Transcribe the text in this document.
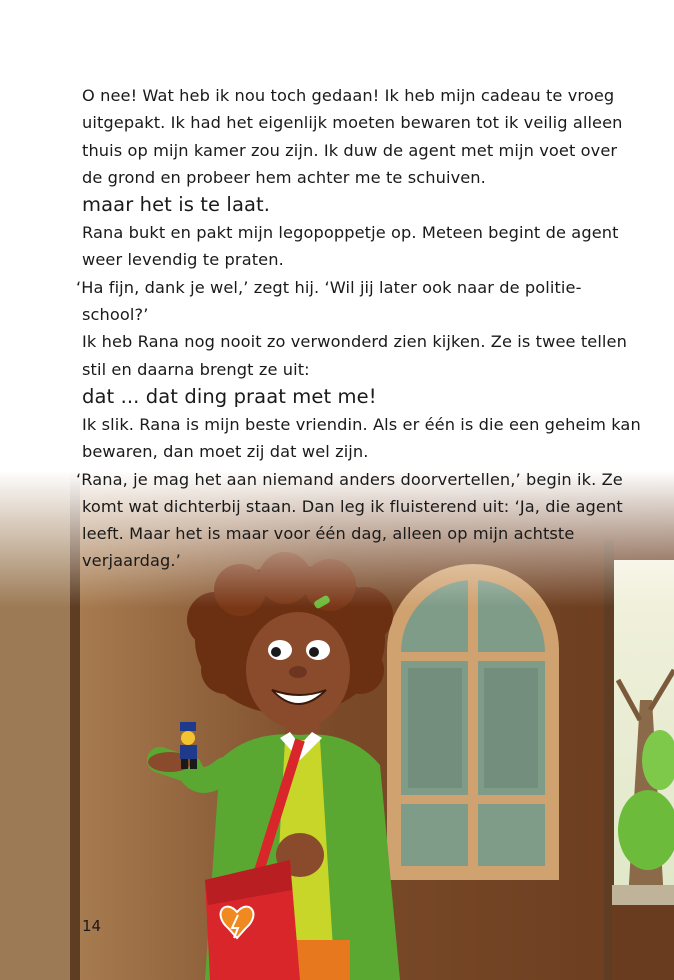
O nee! Wat heb ik nou toch gedaan! Ik heb mijn cadeau te vroeg uitgepakt. Ik had het eigenlijk moeten bewaren tot ik veilig alleen thuis op mijn kamer zou zijn. Ik duw de agent met mijn voet over de grond en probeer hem achter me te schuiven.

maar het is te laat.

Rana bukt en pakt mijn legopoppetje op. Meteen begint de agent weer levendig te praten.

‘Ha fijn, dank je wel,’ zegt hij. ‘Wil jij later ook naar de politie-school?’

Ik heb Rana nog nooit zo verwonderd zien kijken. Ze is twee tellen stil en daarna brengt ze uit:

dat ... dat ding praat met me!

Ik slik. Rana is mijn beste vriendin. Als er één is die een geheim kan bewaren, dan moet zij dat wel zijn.

‘Rana, je mag het aan niemand anders doorvertellen,’ begin ik. Ze komt wat dichterbij staan. Dan leg ik fluisterend uit: ‘Ja, die agent leeft. Maar het is maar voor één dag, alleen op mijn achtste verjaardag.’

14
